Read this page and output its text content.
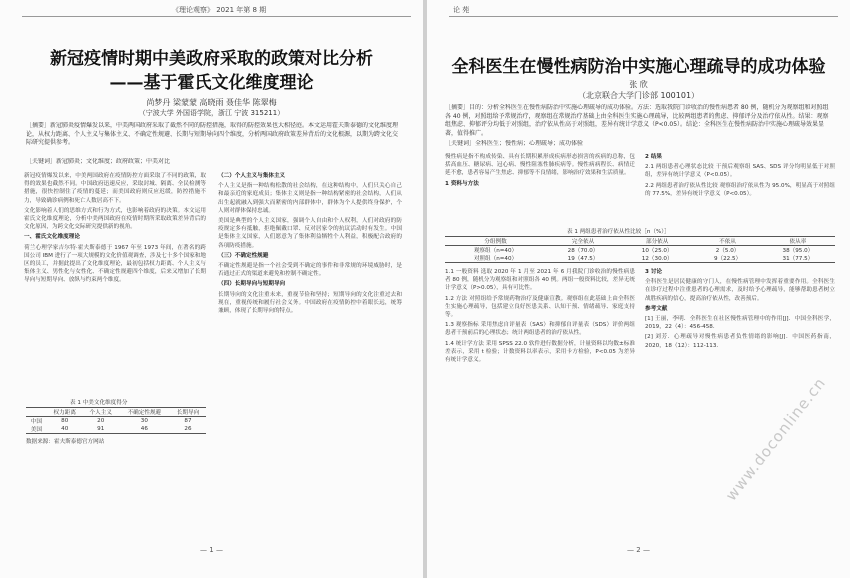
《理论观察》 2021 年第 8 期
新冠疫情时期中美政府采取的政策对比分析
——基于霍氏文化维度理论
尚梦丹 梁蒙蒙 高晓雨 聂佳华 陈翠梅
（宁波大学 外国语学院，浙江 宁波 315211）
［摘要］新冠肺炎疫情爆发以来，中美两国政府采取了截然不同的防控措施，取得的防控效果也大相径庭。本文运用霍夫斯泰德的文化维度理论，从权力距离、个人主义与集体主义、不确定性规避、长期与短期导向四个维度，分析两国政府政策差异背后的文化根源，以期为跨文化交际研究提供参考。
［关键词］新冠肺炎；文化维度；政府政策；中美对比

新冠疫情爆发以来，中美两国政府在疫情防控方面采取了不同的政策，取得的效果也截然不同。中国政府迅速反应，采取封城、隔离、全民检测等措施，很快控制住了疫情的蔓延；而美国政府则反应迟缓，防控措施不力，导致确诊病例和死亡人数居高不下。

文化影响着人们的思维方式和行为方式，也影响着政府的决策。本文运用霍氏文化维度理论，分析中美两国政府在疫情时期所采取政策差异背后的文化原因，为跨文化交际研究提供新的视角。

一、霍氏文化维度理论

荷兰心理学家吉尔特·霍夫斯泰德于 1967 年至 1973 年间，在著名的跨国公司 IBM 进行了一项大规模的文化价值观调查，涉及七十多个国家和地区的员工，并据此提出了文化维度理论，最初包括权力距离、个人主义与集体主义、男性化与女性化、不确定性规避四个维度，后来又增加了长期导向与短期导向、放纵与约束两个维度。

表 1 中美文化维度得分
	权力距离	个人主义	不确定性规避	长期导向
中国	80	20	30	87
美国	40	91	46	26
数据来源：霍夫斯泰德官方网站

（二）个人主义与集体主义

个人主义是指一种结构松散的社会结构，在这种结构中，人们只关心自己和最亲近的家庭成员；集体主义则是指一种结构紧密的社会结构，人们从出生起就融入到强大而紧密的内部群体中，群体为个人提供终身保护，个人则对群体保持忠诚。

美国是典型的个人主义国家，强调个人自由和个人权利，人们对政府的防疫规定多有抵触，拒绝佩戴口罩、反对居家令的抗议活动时有发生。中国是集体主义国家，人们愿意为了集体利益牺牲个人利益，积极配合政府的各项防疫措施。

（三）不确定性规避

不确定性规避是指一个社会受到不确定的事件和非常规的环境威胁时，是否通过正式的渠道来避免和控制不确定性。

（四）长期导向与短期导向

长期导向的文化注重未来，重视节俭和坚持；短期导向的文化注重过去和现在，重视传统和履行社会义务。中国政府在疫情防控中着眼长远，统筹兼顾，体现了长期导向的特点。

— 1 —
论 苑
全科医生在慢性病防治中实施心理疏导的成功体验
张 欣
（北京联合大学门诊部 100101）
［摘要］目的：分析全科医生在慢性病防治中实施心理疏导的成功体验。方法：选取我院门诊收治的慢性病患者 80 例，随机分为观察组和对照组各 40 例，对照组给予常规治疗，观察组在常规治疗基础上由全科医生实施心理疏导，比较两组患者的焦虑、抑郁评分及治疗依从性。结果：观察组焦虑、抑郁评分均低于对照组，治疗依从性高于对照组，差异有统计学意义（P<0.05）。结论：全科医生在慢性病防治中实施心理疏导效果显著，值得推广。
［关键词］全科医生；慢性病；心理疏导；成功体验

慢性病是指不构成传染、具有长期积累形成疾病形态损害的疾病的总称，包括高血压、糖尿病、冠心病、慢性阻塞性肺疾病等。慢性病病程长、病情迁延不愈，患者容易产生焦虑、抑郁等不良情绪，影响治疗效果和生活质量。

1 资料与方法

表 1 两组患者治疗依从性比较［n（%）］
分组例数	完全依从	部分依从	不依从	依从率
观察组（n=40）	28（70.0）	10（25.0）	2（5.0）	38（95.0）
对照组（n=40）	19（47.5）	12（30.0）	9（22.5）	31（77.5）

1.1 一般资料 选取 2020 年 1 月至 2021 年 6 月我院门诊收治的慢性病患者 80 例，随机分为观察组和对照组各 40 例。两组一般资料比较，差异无统计学意义（P>0.05），具有可比性。

1.2 方法 对照组给予常规药物治疗及健康宣教。观察组在此基础上由全科医生实施心理疏导，包括建立良好医患关系、认知干预、情绪疏导、家庭支持等。

1.3 观察指标 采用焦虑自评量表（SAS）和抑郁自评量表（SDS）评价两组患者干预前后的心理状态；统计两组患者的治疗依从性。

1.4 统计学方法 采用 SPSS 22.0 软件进行数据分析，计量资料以均数±标准差表示，采用 t 检验；计数资料以率表示，采用卡方检验，P<0.05 为差异有统计学意义。

2 结果

2.1 两组患者心理状态比较 干预后观察组 SAS、SDS 评分均明显低于对照组，差异有统计学意义（P<0.05）。

2.2 两组患者治疗依从性比较 观察组治疗依从性为 95.0%，明显高于对照组的 77.5%，差异有统计学意义（P<0.05）。

3 讨论

全科医生是居民健康的守门人，在慢性病管理中发挥着重要作用。全科医生在诊疗过程中注重患者的心理需求，及时给予心理疏导，能够帮助患者树立战胜疾病的信心，提高治疗依从性，改善预后。

参考文献

[1] 王丽，李明．全科医生在社区慢性病管理中的作用[J]．中国全科医学，2019，22（4）：456-458．

[2] 刘芳．心理疏导对慢性病患者负性情绪的影响[J]．中国医药指南，2020，18（12）：112-113．

— 2 —
www.doconline.cn
